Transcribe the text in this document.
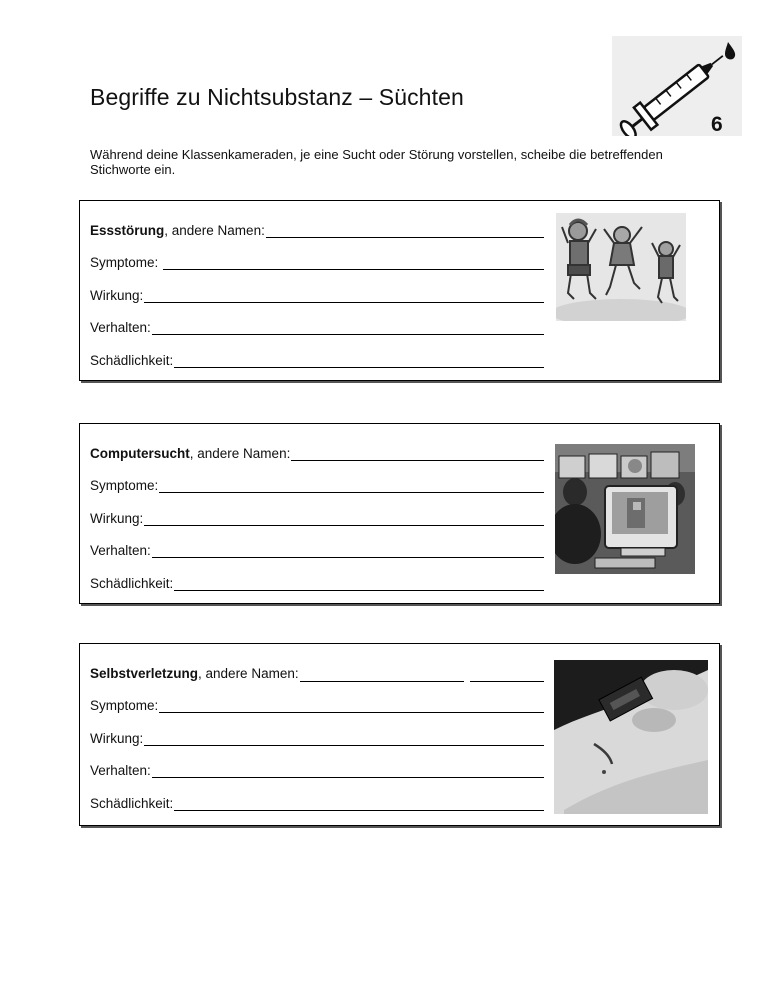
Begriffe zu Nichtsubstanz – Süchten
6
Während deine Klassenkameraden, je eine Sucht oder Störung vorstellen, scheibe die betreffenden Stichworte ein.
Essstörung, andere Namen:
Symptome:
Wirkung:
Verhalten:
Schädlichkeit:
Computersucht, andere Namen:
Symptome:
Wirkung:
Verhalten:
Schädlichkeit:
Selbstverletzung, andere Namen:
Symptome:
Wirkung:
Verhalten:
Schädlichkeit:
